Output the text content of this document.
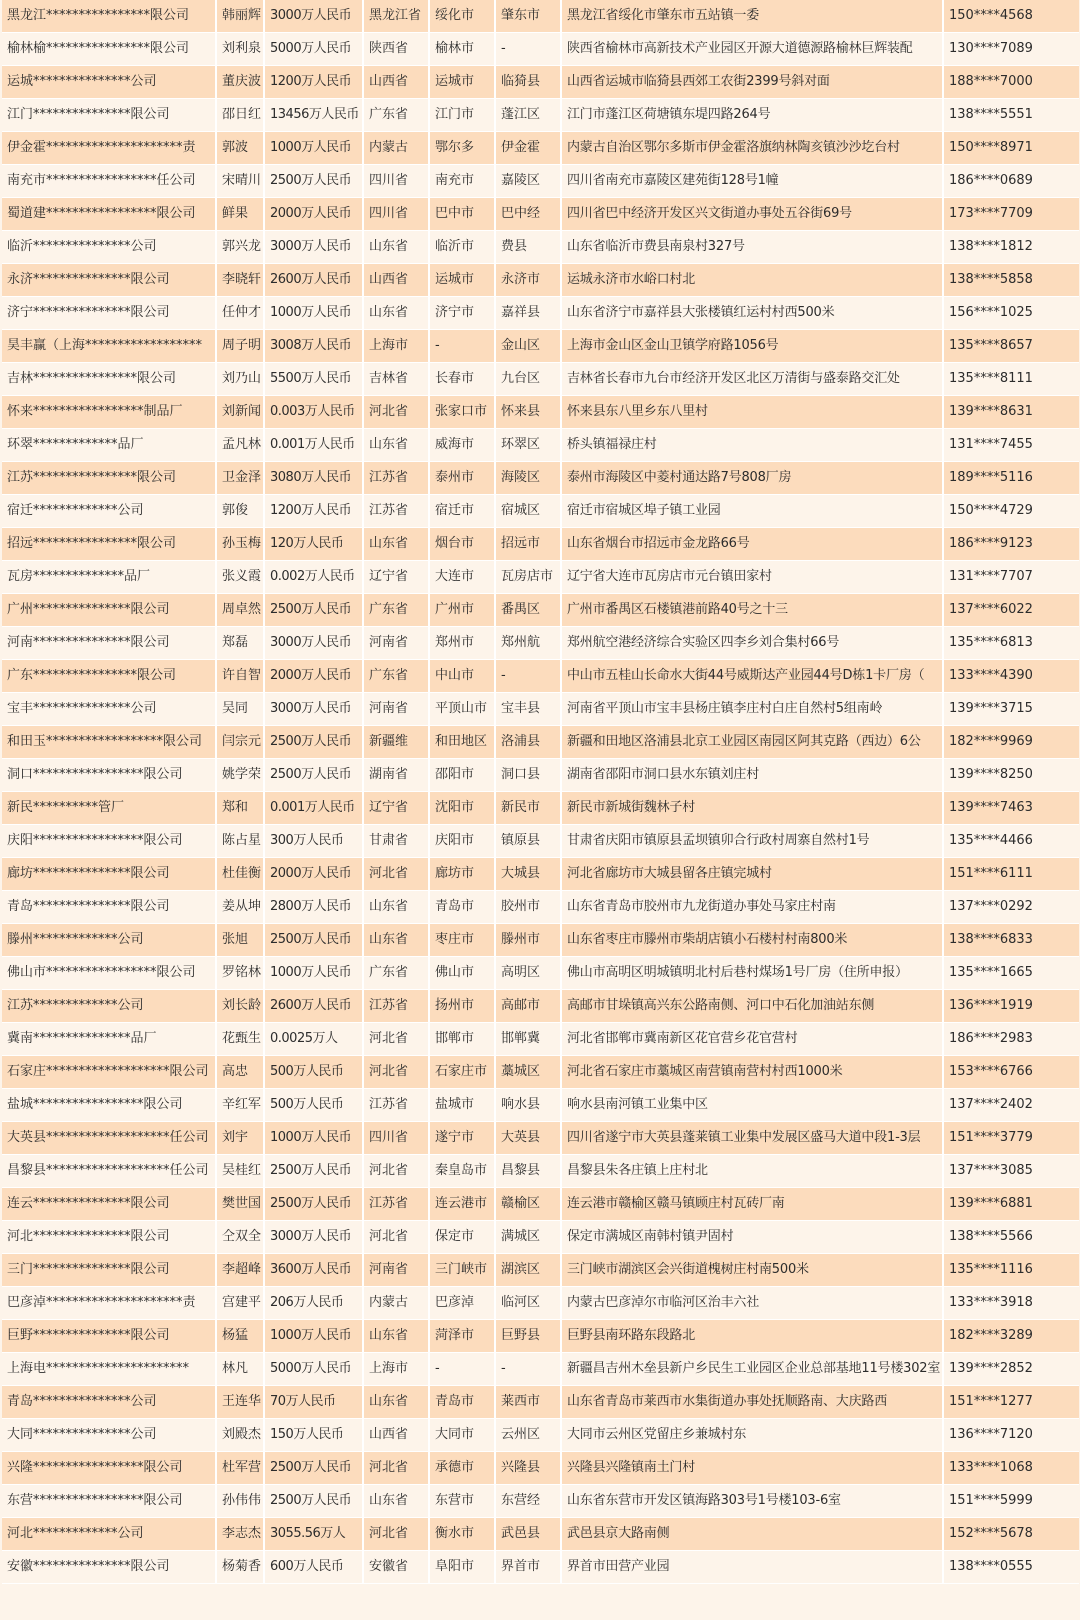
黑龙江****************限公司	韩丽辉	3000万人民币	黑龙江省	绥化市	肇东市	黑龙江省绥化市肇东市五站镇一委	150****4568
榆林榆****************限公司	刘利泉	5000万人民币	陕西省	榆林市	-	陕西省榆林市高新技术产业园区开源大道德源路榆林巨辉装配	130****7089
运城***************公司	董庆波	1200万人民币	山西省	运城市	临猗县	山西省运城市临猗县西郊工农街2399号斜对面	188****7000
江门***************限公司	邵日红	13456万人民币	广东省	江门市	蓬江区	江门市蓬江区荷塘镇东堤四路264号	138****5551
伊金霍*********************责	郭波	1000万人民币	内蒙古	鄂尔多	伊金霍	内蒙古自治区鄂尔多斯市伊金霍洛旗纳林陶亥镇沙沙圪台村	150****8971
南充市*****************任公司	宋晴川	2500万人民币	四川省	南充市	嘉陵区	四川省南充市嘉陵区建苑街128号1幢	186****0689
蜀道建*****************限公司	鲜果	2000万人民币	四川省	巴中市	巴中经	四川省巴中经济开发区兴文街道办事处五谷街69号	173****7709
临沂***************公司	郭兴龙	3000万人民币	山东省	临沂市	费县	山东省临沂市费县南泉村327号	138****1812
永济***************限公司	李晓轩	2600万人民币	山西省	运城市	永济市	运城永济市水峪口村北	138****5858
济宁***************限公司	任仲才	1000万人民币	山东省	济宁市	嘉祥县	山东省济宁市嘉祥县大张楼镇红运村村西500米	156****1025
昊丰赢（上海******************	周子明	3008万人民币	上海市	-	金山区	上海市金山区金山卫镇学府路1056号	135****8657
吉林****************限公司	刘乃山	5500万人民币	吉林省	长春市	九台区	吉林省长春市九台市经济开发区北区万清街与盛泰路交汇处	135****8111
怀来*****************制品厂	刘新闻	0.003万人民币	河北省	张家口市	怀来县	怀来县东八里乡东八里村	139****8631
环翠*************品厂	孟凡林	0.001万人民币	山东省	威海市	环翠区	桥头镇福禄庄村	131****7455
江苏****************限公司	卫金泽	3080万人民币	江苏省	泰州市	海陵区	泰州市海陵区中菱村通达路7号808厂房	189****5116
宿迁*************公司	郭俊	1200万人民币	江苏省	宿迁市	宿城区	宿迁市宿城区埠子镇工业园	150****4729
招远****************限公司	孙玉梅	120万人民币	山东省	烟台市	招远市	山东省烟台市招远市金龙路66号	186****9123
瓦房**************品厂	张义霞	0.002万人民币	辽宁省	大连市	瓦房店市	辽宁省大连市瓦房店市元台镇田家村	131****7707
广州***************限公司	周卓然	2500万人民币	广东省	广州市	番禺区	广州市番禺区石楼镇港前路40号之十三	137****6022
河南***************限公司	郑磊	3000万人民币	河南省	郑州市	郑州航	郑州航空港经济综合实验区四李乡刘合集村66号	135****6813
广东****************限公司	许自智	2000万人民币	广东省	中山市	-	中山市五桂山长命水大街44号威斯达产业园44号D栋1卡厂房（	133****4390
宝丰***************公司	吴同	3000万人民币	河南省	平顶山市	宝丰县	河南省平顶山市宝丰县杨庄镇李庄村白庄自然村5组南岭	139****3715
和田玉******************限公司	闫宗元	2500万人民币	新疆维	和田地区	洛浦县	新疆和田地区洛浦县北京工业园区南园区阿其克路（西边）6公	182****9969
洞口*****************限公司	姚学荣	2500万人民币	湖南省	邵阳市	洞口县	湖南省邵阳市洞口县水东镇刘庄村	139****8250
新民**********管厂	郑和	0.001万人民币	辽宁省	沈阳市	新民市	新民市新城街魏林子村	139****7463
庆阳*****************限公司	陈占星	300万人民币	甘肃省	庆阳市	镇原县	甘肃省庆阳市镇原县孟坝镇卯合行政村周寨自然村1号	135****4466
廊坊***************限公司	杜佳衡	2000万人民币	河北省	廊坊市	大城县	河北省廊坊市大城县留各庄镇完城村	151****6111
青岛***************限公司	姜从坤	2800万人民币	山东省	青岛市	胶州市	山东省青岛市胶州市九龙街道办事处马家庄村南	137****0292
滕州*************公司	张旭	2500万人民币	山东省	枣庄市	滕州市	山东省枣庄市滕州市柴胡店镇小石楼村村南800米	138****6833
佛山市*****************限公司	罗铭林	1000万人民币	广东省	佛山市	高明区	佛山市高明区明城镇明北村后巷村煤场1号厂房（住所申报）	135****1665
江苏*************公司	刘长龄	2600万人民币	江苏省	扬州市	高邮市	高邮市甘垛镇高兴东公路南侧、河口中石化加油站东侧	136****1919
冀南***************品厂	花甄生	0.0025万人	河北省	邯郸市	邯郸冀	河北省邯郸市冀南新区花官营乡花官营村	186****2983
石家庄*******************限公司	高忠	500万人民币	河北省	石家庄市	藁城区	河北省石家庄市藁城区南营镇南营村村西1000米	153****6766
盐城*****************限公司	辛红军	500万人民币	江苏省	盐城市	响水县	响水县南河镇工业集中区	137****2402
大英县*******************任公司	刘宇	1000万人民币	四川省	遂宁市	大英县	四川省遂宁市大英县蓬莱镇工业集中发展区盛马大道中段1-3层	151****3779
昌黎县*******************任公司	吴桂红	2500万人民币	河北省	秦皇岛市	昌黎县	昌黎县朱各庄镇上庄村北	137****3085
连云***************限公司	樊世国	2500万人民币	江苏省	连云港市	赣榆区	连云港市赣榆区赣马镇顾庄村瓦砖厂南	139****6881
河北***************限公司	仝双全	3000万人民币	河北省	保定市	满城区	保定市满城区南韩村镇尹固村	138****5566
三门***************限公司	李超峰	3600万人民币	河南省	三门峡市	湖滨区	三门峡市湖滨区会兴街道槐树庄村南500米	135****1116
巴彦淖*********************责	宫建平	206万人民币	内蒙古	巴彦淖	临河区	内蒙古巴彦淖尔市临河区治丰六社	133****3918
巨野***************限公司	杨猛	1000万人民币	山东省	菏泽市	巨野县	巨野县南环路东段路北	182****3289
上海电**********************	林凡	5000万人民币	上海市	-	-	新疆昌吉州木垒县新户乡民生工业园区企业总部基地11号楼302室	139****2852
青岛***************公司	王连华	70万人民币	山东省	青岛市	莱西市	山东省青岛市莱西市水集街道办事处抚顺路南、大庆路西	151****1277
大同***************公司	刘殿杰	150万人民币	山西省	大同市	云州区	大同市云州区党留庄乡兼城村东	136****7120
兴隆*****************限公司	杜军营	2500万人民币	河北省	承德市	兴隆县	兴隆县兴隆镇南土门村	133****1068
东营*****************限公司	孙伟伟	2500万人民币	山东省	东营市	东营经	山东省东营市开发区镇海路303号1号楼103-6室	151****5999
河北*************公司	李志杰	3055.56万人	河北省	衡水市	武邑县	武邑县京大路南侧	152****5678
安徽***************限公司	杨菊香	600万人民币	安徽省	阜阳市	界首市	界首市田营产业园	138****0555
